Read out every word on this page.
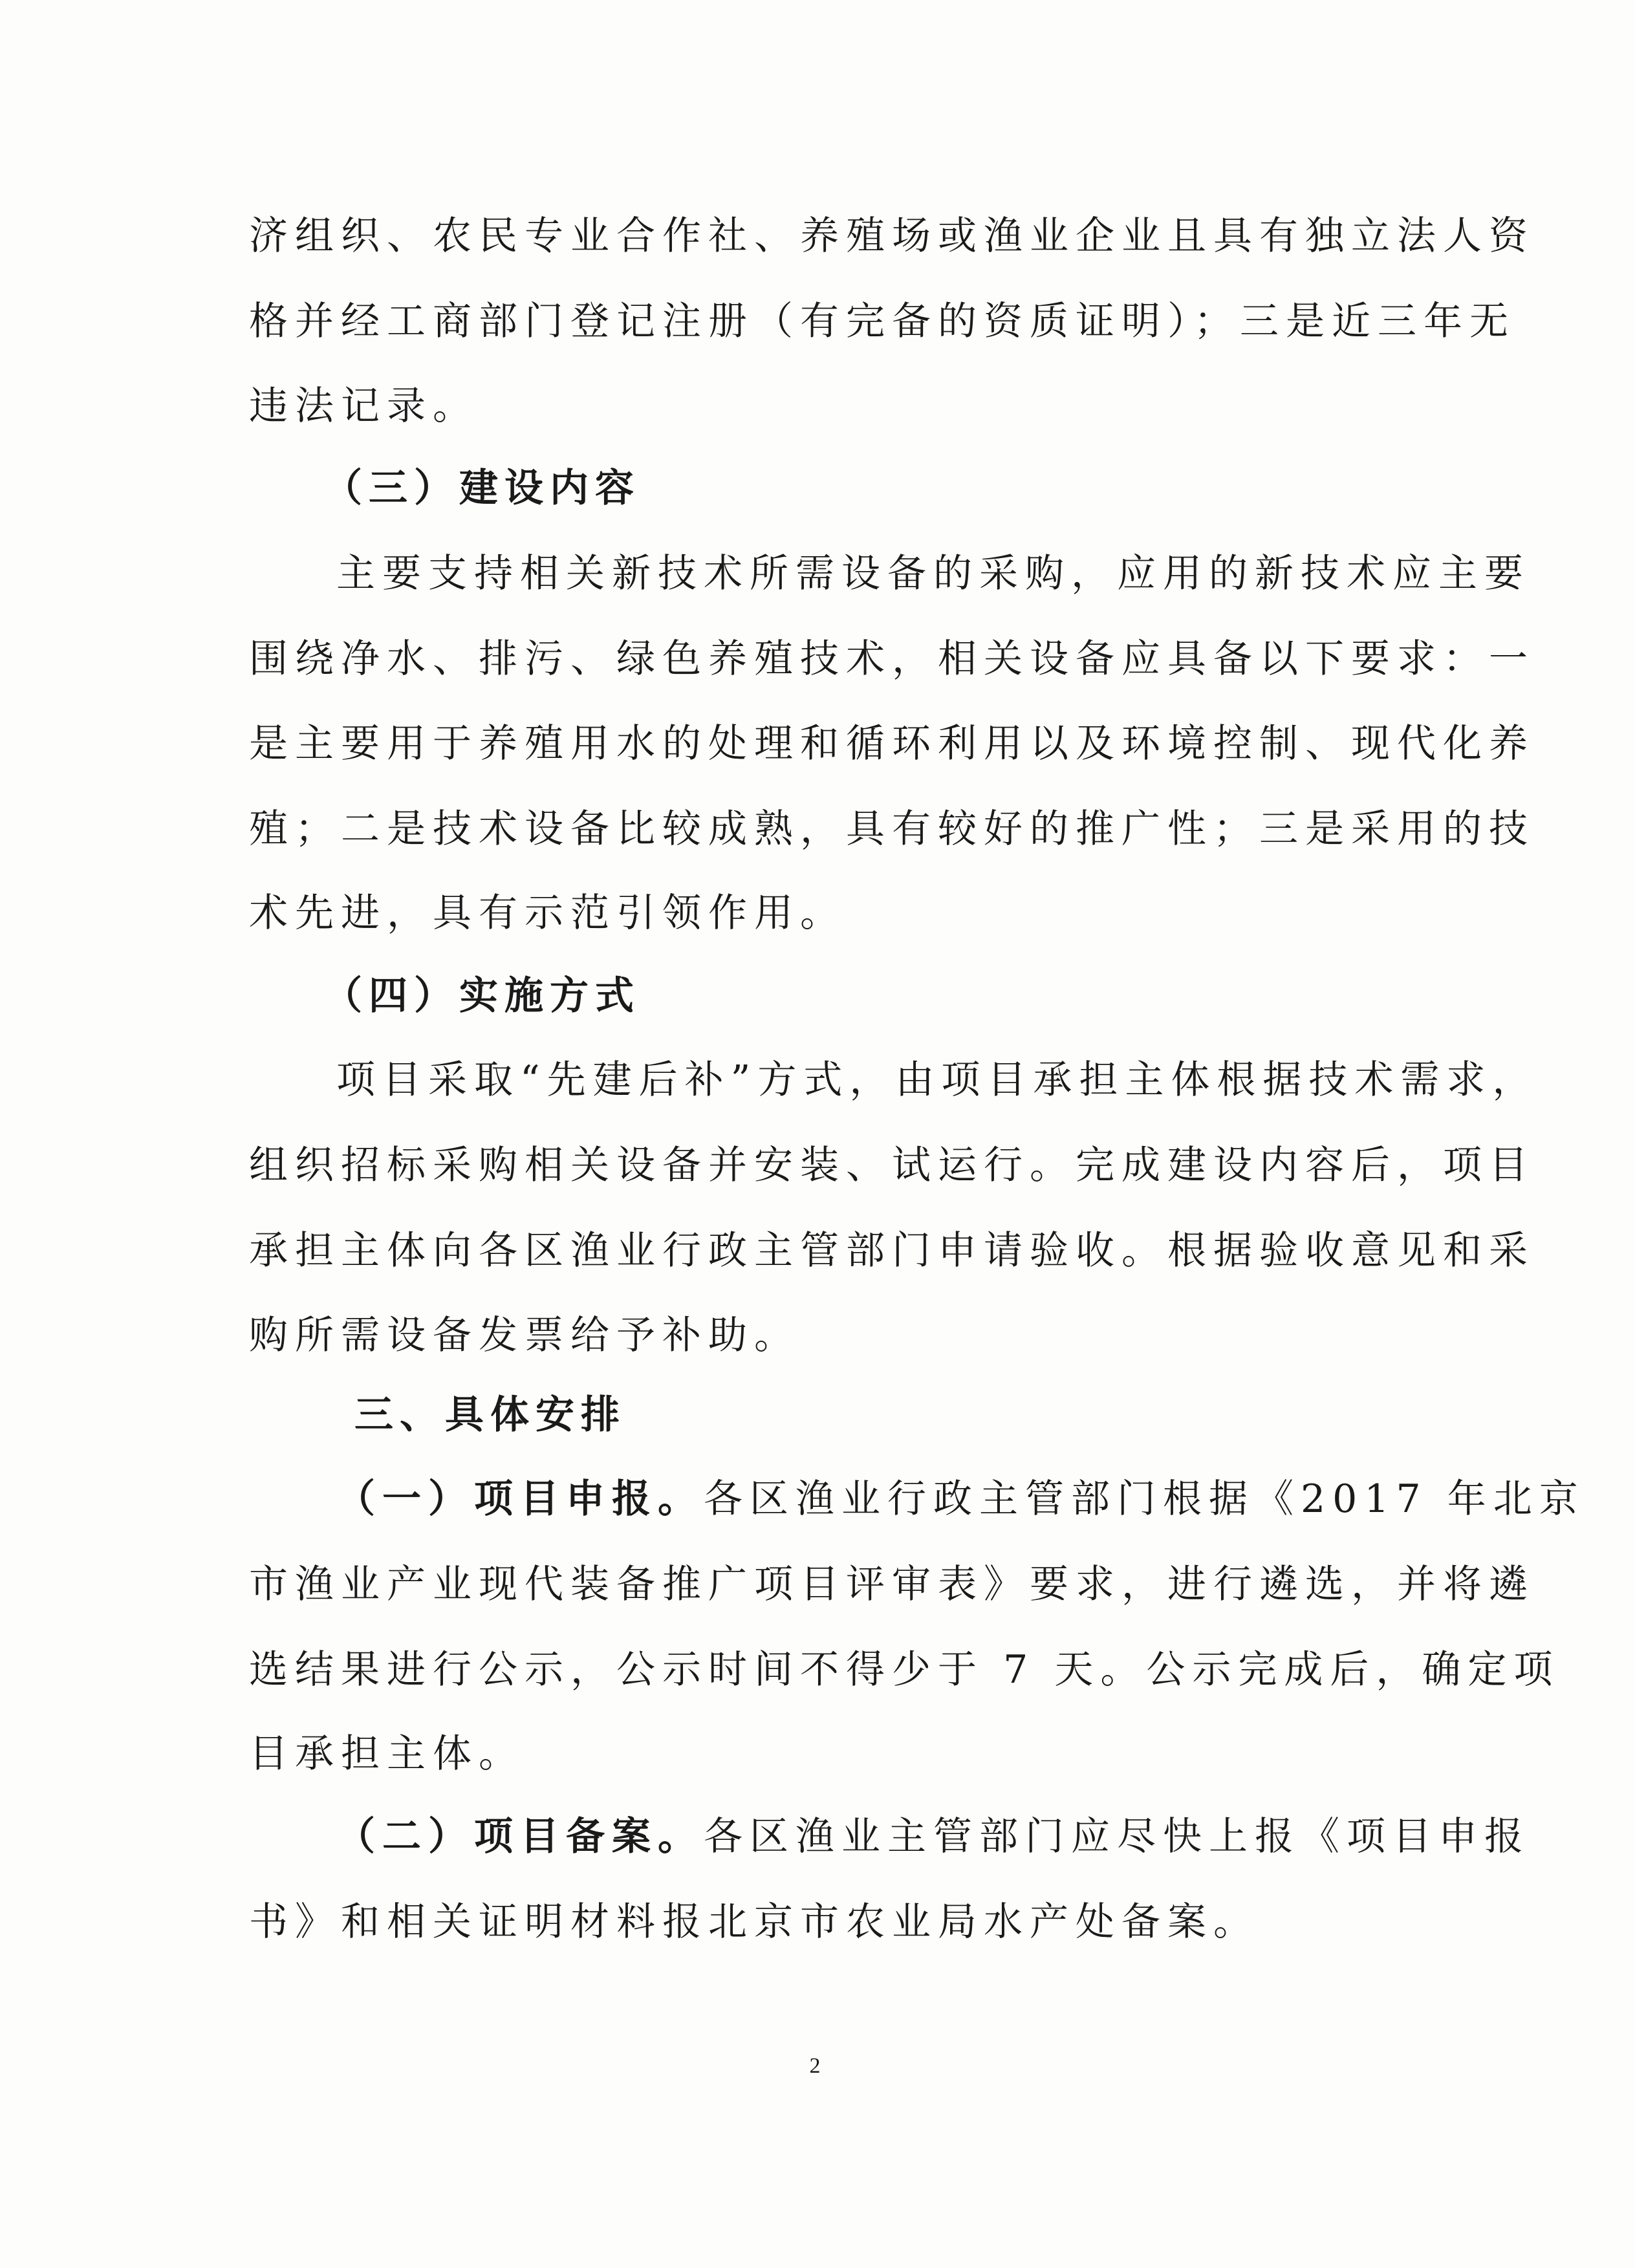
济组织、农民专业合作社、养殖场或渔业企业且具有独立法人资
格并经工商部门登记注册（有完备的资质证明）；三是近三年无
违法记录。
（三）建设内容
主要支持相关新技术所需设备的采购，应用的新技术应主要
围绕净水、排污、绿色养殖技术，相关设备应具备以下要求：一
是主要用于养殖用水的处理和循环利用以及环境控制、现代化养
殖；二是技术设备比较成熟，具有较好的推广性；三是采用的技
术先进，具有示范引领作用。
（四）实施方式
项目采取“先建后补”方式，由项目承担主体根据技术需求，
组织招标采购相关设备并安装、试运行。完成建设内容后，项目
承担主体向各区渔业行政主管部门申请验收。根据验收意见和采
购所需设备发票给予补助。
三、具体安排
（一）项目申报。各区渔业行政主管部门根据《2017 年北京
市渔业产业现代装备推广项目评审表》要求，进行遴选，并将遴
选结果进行公示，公示时间不得少于 7 天。公示完成后，确定项
目承担主体。
（二）项目备案。各区渔业主管部门应尽快上报《项目申报
书》和相关证明材料报北京市农业局水产处备案。
2
